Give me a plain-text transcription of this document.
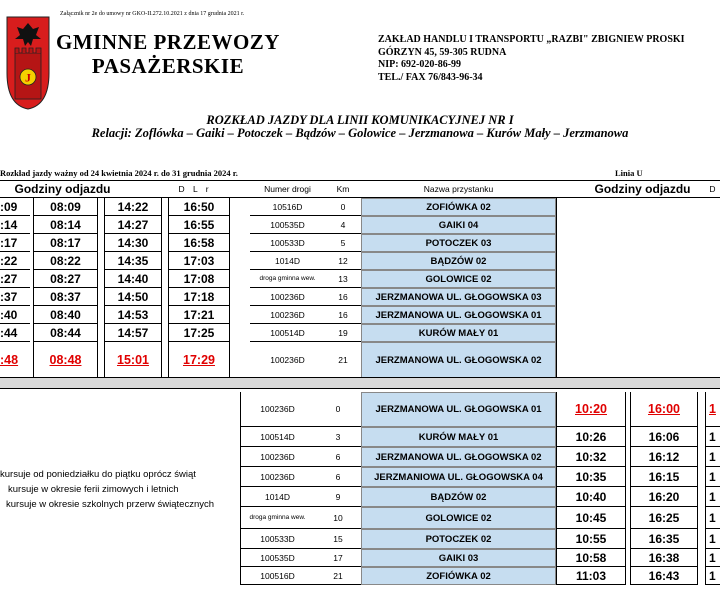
Załącznik nr 2e do umowy nr GKO-II.272.10.2021 z dnia 17 grudnia 2021 r.
J
GMINNE PRZEWOZY
PASAŻERSKIE
ZAKŁAD HANDLU I TRANSPORTU „RAZBI" ZBIGNIEW PROSKI
GÓRZYN 45, 59-305 RUDNA
NIP: 692-020-86-99
TEL./ FAX 76/843-96-34
ROZKŁAD JAZDY DLA LINII KOMUNIKACYJNEJ NR I
Relacji: Zoflówka – Gaiki – Potoczek – Bądzów – Golowice – Jerzmanowa – Kurów Mały – Jerzmanowa
Rozkład jazdy ważny od 24 kwietnia 2024 r. do 31 grudnia 2024 r.	Linia U
Godziny odjazdu	D L r	Numer drogi	Km	Nazwa przystanku	Godziny odjazdu	D
:09	08:09	14:22	16:50	10516D	0	ZOFIÓWKA 02
:14	08:14	14:27	16:55	100535D	4	GAIKI 04
:17	08:17	14:30	16:58	100533D	5	POTOCZEK 03
:22	08:22	14:35	17:03	1014D	12	BĄDZÓW 02
:27	08:27	14:40	17:08	droga gminna wew.	13	GOLOWICE 02
:37	08:37	14:50	17:18	100236D	16	JERZMANOWA UL. GŁOGOWSKA 03
:40	08:40	14:53	17:21	100236D	16	JERZMANOWA UL. GŁOGOWSKA 01
:44	08:44	14:57	17:25	100514D	19	KURÓW MAŁY 01
:48	08:48	15:01	17:29	100236D	21	JERZMANOWA UL. GŁOGOWSKA 02
100236D	0	JERZMANOWA UL. GŁOGOWSKA 01	10:20	16:00	1
100514D	3	KURÓW MAŁY 01	10:26	16:06	1
100236D	6	JERZMANOWA UL. GŁOGOWSKA 02	10:32	16:12	1
100236D	6	JERZMANIOWA UL. GŁOGOWSKA 04	10:35	16:15	1
1014D	9	BĄDZÓW 02	10:40	16:20	1
droga gminna wew.	10	GOLOWICE 02	10:45	16:25	1
100533D	15	POTOCZEK 02	10:55	16:35	1
100535D	17	GAIKI 03	10:58	16:38	1
100516D	21	ZOFIÓWKA 02	11:03	16:43	1
kursuje od poniedziałku do piątku oprócz świąt
kursuje w okresie ferii zimowych i letnich
kursuje w okresie szkolnych przerw świątecznych
